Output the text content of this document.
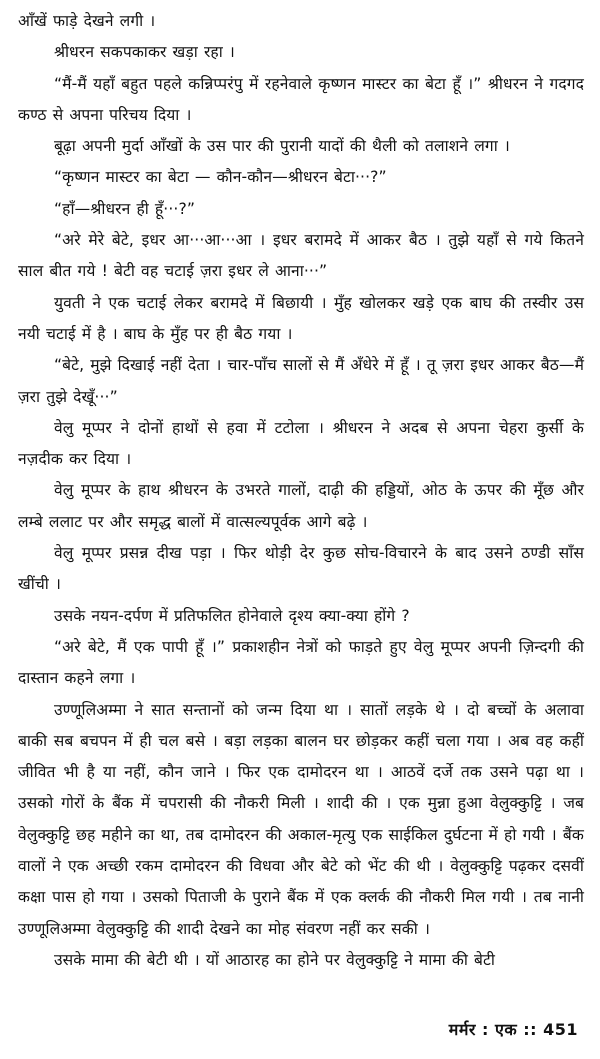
आँखें फाड़े देखने लगी ।

श्रीधरन सकपकाकर खड़ा रहा ।

“मैं-मैं यहाँ बहुत पहले कन्निप्परंपु में रहनेवाले कृष्णन मास्टर का बेटा हूँ ।” श्रीधरन ने गदगद कण्ठ से अपना परिचय दिया ।

बूढ़ा अपनी मुर्दा आँखों के उस पार की पुरानी यादों की थैली को तलाशने लगा ।

“कृष्णन मास्टर का बेटा — कौन-कौन—श्रीधरन बेटा···?”

“हाँ—श्रीधरन ही हूँ···?”

“अरे मेरे बेटे, इधर आ···आ···आ । इधर बरामदे में आकर बैठ । तुझे यहाँ से गये कितने साल बीत गये ! बेटी वह चटाई ज़रा इधर ले आना···”

युवती ने एक चटाई लेकर बरामदे में बिछायी । मुँह खोलकर खड़े एक बाघ की तस्वीर उस नयी चटाई में है । बाघ के मुँह पर ही बैठ गया ।

“बेटे, मुझे दिखाई नहीं देता । चार-पाँच सालों से मैं अँधेरे में हूँ । तू ज़रा इधर आकर बैठ—मैं ज़रा तुझे देखूँ···”

वेलु मूप्पर ने दोनों हाथों से हवा में टटोला । श्रीधरन ने अदब से अपना चेहरा कुर्सी के नज़दीक कर दिया ।

वेलु मूप्पर के हाथ श्रीधरन के उभरते गालों, दाढ़ी की हड्डियों, ओठ के ऊपर की मूँछ और लम्बे ललाट पर और समृद्ध बालों में वात्सल्यपूर्वक आगे बढ़े ।

वेलु मूप्पर प्रसन्न दीख पड़ा । फिर थोड़ी देर कुछ सोच-विचारने के बाद उसने ठण्डी साँस खींची ।

उसके नयन-दर्पण में प्रतिफलित होनेवाले दृश्य क्या-क्या होंगे ?

“अरे बेटे, मैं एक पापी हूँ ।” प्रकाशहीन नेत्रों को फाड़ते हुए वेलु मूप्पर अपनी ज़िन्दगी की दास्तान कहने लगा ।

उण्णूलिअम्मा ने सात सन्तानों को जन्म दिया था । सातों लड़के थे । दो बच्चों के अलावा बाकी सब बचपन में ही चल बसे । बड़ा लड़का बालन घर छोड़कर कहीं चला गया । अब वह कहीं जीवित भी है या नहीं, कौन जाने । फिर एक दामोदरन था । आठवें दर्जे तक उसने पढ़ा था । उसको गोरों के बैंक में चपरासी की नौकरी मिली । शादी की । एक मुन्ना हुआ वेलुक्कुट्टि । जब वेलुक्कुट्टि छह महीने का था, तब दामोदरन की अकाल-मृत्यु एक साईकिल दुर्घटना में हो गयी । बैंक वालों ने एक अच्छी रकम दामोदरन की विधवा और बेटे को भेंट की थी । वेलुक्कुट्टि पढ़कर दसवीं कक्षा पास हो गया । उसको पिताजी के पुराने बैंक में एक क्लर्क की नौकरी मिल गयी । तब नानी उण्णूलिअम्मा वेलुक्कुट्टि की शादी देखने का मोह संवरण नहीं कर सकी ।

उसके मामा की बेटी थी । यों आठारह का होने पर वेलुक्कुट्टि ने मामा की बेटी

मर्मर : एक :: 451
